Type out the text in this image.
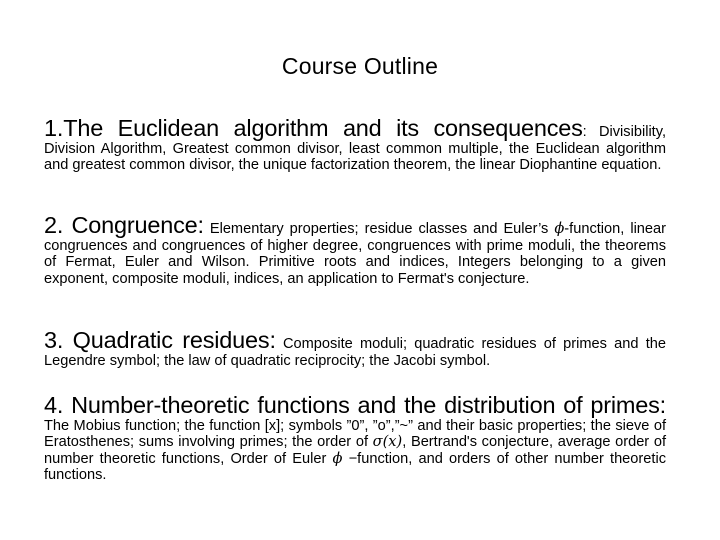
Course Outline
1.The Euclidean algorithm and its consequences: Divisibility, Division Algorithm, Greatest common divisor, least common multiple, the Euclidean algorithm and greatest common divisor, the unique factorization theorem, the linear Diophantine equation.
2. Congruence: Elementary properties; residue classes and Euler’s ϕ-function, linear congruences and congruences of higher degree, congruences with prime moduli, the theorems of Fermat, Euler and Wilson. Primitive roots and indices, Integers belonging to a given exponent, composite moduli, indices, an application to Fermat's conjecture.
3. Quadratic residues: Composite moduli; quadratic residues of primes and the Legendre symbol; the law of quadratic reciprocity; the Jacobi symbol.
4. Number-theoretic functions and the distribution of primes: The Mobius function; the function [x]; symbols ”0”, ”o”,”~” and their basic properties; the sieve of Eratosthenes; sums involving primes; the order of σ(x), Bertrand's conjecture, average order of number theoretic functions, Order of Euler ϕ −function, and orders of other number theoretic functions.
